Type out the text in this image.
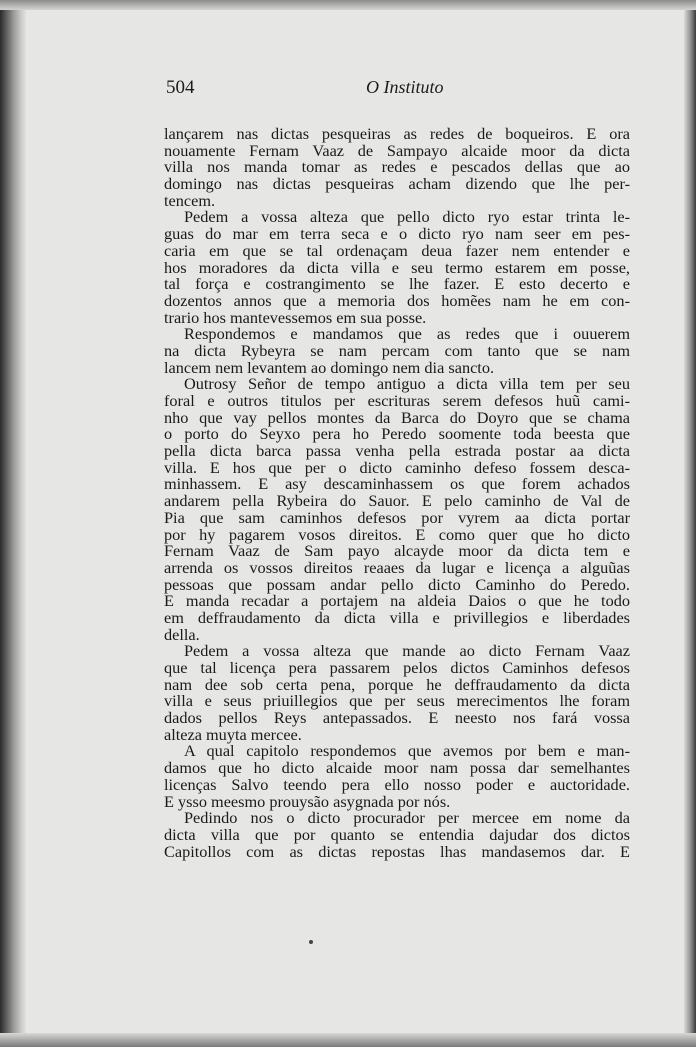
504	O Instituto
lançarem nas dictas pesqueiras as redes de boqueiros. E ora
nouamente Fernam Vaaz de Sampayo alcaide moor da dicta
villa nos manda tomar as redes e pescados dellas que ao
domingo nas dictas pesqueiras acham dizendo que lhe per-
tencem.
Pedem a vossa alteza que pello dicto ryo estar trinta le-
guas do mar em terra seca e o dicto ryo nam seer em pes-
caria em que se tal ordenaçam deua fazer nem entender e
hos moradores da dicta villa e seu termo estarem em posse,
tal força e costrangimento se lhe fazer. E esto decerto e
dozentos annos que a memoria dos homẽes nam he em con-
trario hos mantevessemos em sua posse.
Respondemos e mandamos que as redes que i ouuerem
na dicta Rybeyra se nam percam com tanto que se nam
lancem nem levantem ao domingo nem dia sancto.
Outrosy Señor de tempo antiguo a dicta villa tem per seu
foral e outros titulos per escrituras serem defesos huũ cami-
nho que vay pellos montes da Barca do Doyro que se chama
o porto do Seyxo pera ho Peredo soomente toda beesta que
pella dicta barca passa venha pella estrada postar aa dicta
villa. E hos que per o dicto caminho defeso fossem desca-
minhassem. E asy descaminhassem os que forem achados
andarem pella Rybeira do Sauor. E pelo caminho de Val de
Pia que sam caminhos defesos por vyrem aa dicta portar
por hy pagarem vosos direitos. E como quer que ho dicto
Fernam Vaaz de Sam payo alcayde moor da dicta tem e
arrenda os vossos direitos reaaes da lugar e licença a alguũas
pessoas que possam andar pello dicto Caminho do Peredo.
E manda recadar a portajem na aldeia Daios o que he todo
em deffraudamento da dicta villa e privillegios e liberdades
della.
Pedem a vossa alteza que mande ao dicto Fernam Vaaz
que tal licença pera passarem pelos dictos Caminhos defesos
nam dee sob certa pena, porque he deffraudamento da dicta
villa e seus priuillegios que per seus merecimentos lhe foram
dados pellos Reys antepassados. E neesto nos fará vossa
alteza muyta mercee.
A qual capitolo respondemos que avemos por bem e man-
damos que ho dicto alcaide moor nam possa dar semelhantes
licenças Salvo teendo pera ello nosso poder e auctoridade.
E ysso meesmo prouysão asygnada por nós.
Pedindo nos o dicto procurador per mercee em nome da
dicta villa que por quanto se entendia dajudar dos dictos
Capitollos com as dictas repostas lhas mandasemos dar. E
